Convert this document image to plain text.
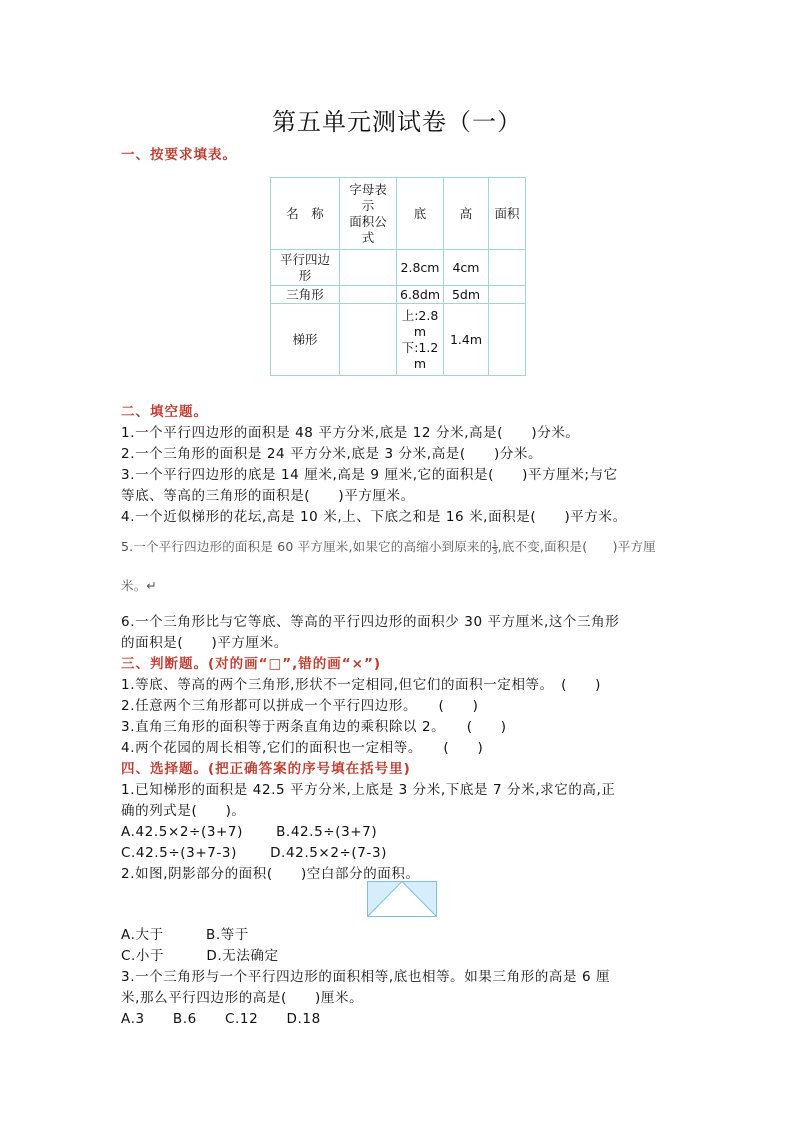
第五单元测试卷（一）
一、按要求填表。
名　称	字母表
示
面积公
式	底	高	面积

平行四边
形		2.8cm	4cm	
三角形		6.8dm	5dm	
梯形		上:2.8
m
下:1.2
m	1.4m	
二、填空题。
1.一个平行四边形的面积是 48 平方分米,底是 12 分米,高是(　　)分米。
2.一个三角形的面积是 24 平方分米,底是 3 分米,高是(　　)分米。
3.一个平行四边形的底是 14 厘米,高是 9 厘米,它的面积是(　　)平方厘米;与它
等底、等高的三角形的面积是(　　)平方厘米。
4.一个近似梯形的花坛,高是 10 米,上、下底之和是 16 米,面积是(　　)平方米。
5.一个平行四边形的面积是 60 平方厘米,如果它的高缩小到原来的 $\frac{1}{3}$ ,底不变,面积是(　　)平方厘
米。↵
6.一个三角形比与它等底、等高的平行四边形的面积少 30 平方厘米,这个三角形
的面积是(　　)平方厘米。
三、判断题。(对的画“□”,错的画“×”)
1.等底、等高的两个三角形,形状不一定相同,但它们的面积一定相等。　(　　)
2.任意两个三角形都可以拼成一个平行四边形。　　(　　)
3.直角三角形的面积等于两条直角边的乘积除以 2。　　(　　)
4.两个花园的周长相等,它们的面积也一定相等。　　(　　)
四、选择题。(把正确答案的序号填在括号里)
1.已知梯形的面积是 42.5 平方分米,上底是 3 分米,下底是 7 分米,求它的高,正
确的列式是(　　)。
A.42.5×2÷(3+7)　　 B.42.5÷(3+7)
C.42.5÷(3+7-3)　　 D.42.5×2÷(7-3)
2.如图,阴影部分的面积(　　)空白部分的面积。
A.大于　　　B.等于
C.小于　　　D.无法确定
3.一个三角形与一个平行四边形的面积相等,底也相等。如果三角形的高是 6 厘
米,那么平行四边形的高是(　　)厘米。
A.3　　B.6　　C.12　　D.18
